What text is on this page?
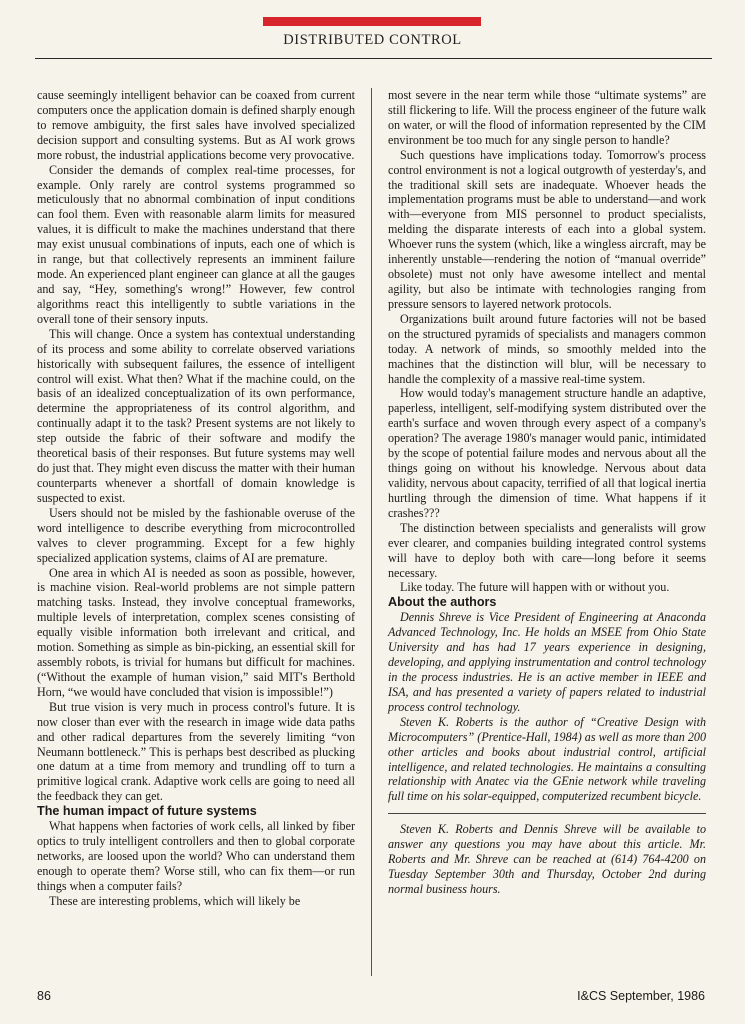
DISTRIBUTED CONTROL

cause seemingly intelligent behavior can be coaxed from current computers once the application domain is defined sharply enough to remove ambiguity, the first sales have involved specialized decision support and consulting systems. But as AI work grows more robust, the industrial applications become very provocative.

Consider the demands of complex real-time processes, for example. Only rarely are control systems programmed so meticulously that no abnormal combination of input conditions can fool them. Even with reasonable alarm limits for measured values, it is difficult to make the machines understand that there may exist unusual combinations of inputs, each one of which is in range, but that collectively represents an imminent failure mode. An experienced plant engineer can glance at all the gauges and say, “Hey, something's wrong!” However, few control algorithms react this intelligently to subtle variations in the overall tone of their sensory inputs.

This will change. Once a system has contextual understanding of its process and some ability to correlate observed variations historically with subsequent failures, the essence of intelligent control will exist. What then? What if the machine could, on the basis of an idealized conceptualization of its own performance, determine the appropriateness of its control algorithm, and continually adapt it to the task? Present systems are not likely to step outside the fabric of their software and modify the theoretical basis of their responses. But future systems may well do just that. They might even discuss the matter with their human counterparts whenever a shortfall of domain knowledge is suspected to exist.

Users should not be misled by the fashionable overuse of the word intelligence to describe everything from microcontrolled valves to clever programming. Except for a few highly specialized application systems, claims of AI are premature.

One area in which AI is needed as soon as possible, however, is machine vision. Real-world problems are not simple pattern matching tasks. Instead, they involve conceptual frameworks, multiple levels of interpretation, complex scenes consisting of equally visible information both irrelevant and critical, and motion. Something as simple as bin-picking, an essential skill for assembly robots, is trivial for humans but difficult for machines. (“Without the example of human vision,” said MIT's Berthold Horn, “we would have concluded that vision is impossible!”)

But true vision is very much in process control's future. It is now closer than ever with the research in image wide data paths and other radical departures from the severely limiting “von Neumann bottleneck.” This is perhaps best described as plucking one datum at a time from memory and trundling off to turn a primitive logical crank. Adaptive work cells are going to need all the feedback they can get.

The human impact of future systems

What happens when factories of work cells, all linked by fiber optics to truly intelligent controllers and then to global corporate networks, are loosed upon the world? Who can understand them enough to operate them? Worse still, who can fix them—or run things when a computer fails?

These are interesting problems, which will likely be

most severe in the near term while those “ultimate systems” are still flickering to life. Will the process engineer of the future walk on water, or will the flood of information represented by the CIM environment be too much for any single person to handle?

Such questions have implications today. Tomorrow's process control environment is not a logical outgrowth of yesterday's, and the traditional skill sets are inadequate. Whoever heads the implementation programs must be able to understand—and work with—everyone from MIS personnel to product specialists, melding the disparate interests of each into a global system. Whoever runs the system (which, like a wingless aircraft, may be inherently unstable—rendering the notion of “manual override” obsolete) must not only have awesome intellect and mental agility, but also be intimate with technologies ranging from pressure sensors to layered network protocols.

Organizations built around future factories will not be based on the structured pyramids of specialists and managers common today. A network of minds, so smoothly melded into the machines that the distinction will blur, will be necessary to handle the complexity of a massive real-time system.

How would today's management structure handle an adaptive, paperless, intelligent, self-modifying system distributed over the earth's surface and woven through every aspect of a company's operation? The average 1980's manager would panic, intimidated by the scope of potential failure modes and nervous about all the things going on without his knowledge. Nervous about data validity, nervous about capacity, terrified of all that logical inertia hurtling through the dimension of time. What happens if it crashes???

The distinction between specialists and generalists will grow ever clearer, and companies building integrated control systems will have to deploy both with care—long before it seems necessary.

Like today. The future will happen with or without you.

About the authors

Dennis Shreve is Vice President of Engineering at Anaconda Advanced Technology, Inc. He holds an MSEE from Ohio State University and has had 17 years experience in designing, developing, and applying instrumentation and control technology in the process industries. He is an active member in IEEE and ISA, and has presented a variety of papers related to industrial process control technology.

Steven K. Roberts is the author of “Creative Design with Microcomputers” (Prentice-Hall, 1984) as well as more than 200 other articles and books about industrial control, artificial intelligence, and related technologies. He maintains a consulting relationship with Anatec via the GEnie network while traveling full time on his solar-equipped, computerized recumbent bicycle.

Steven K. Roberts and Dennis Shreve will be available to answer any questions you may have about this article. Mr. Roberts and Mr. Shreve can be reached at (614) 764-4200 on Tuesday September 30th and Thursday, October 2nd during normal business hours.

86	I&CS September, 1986
